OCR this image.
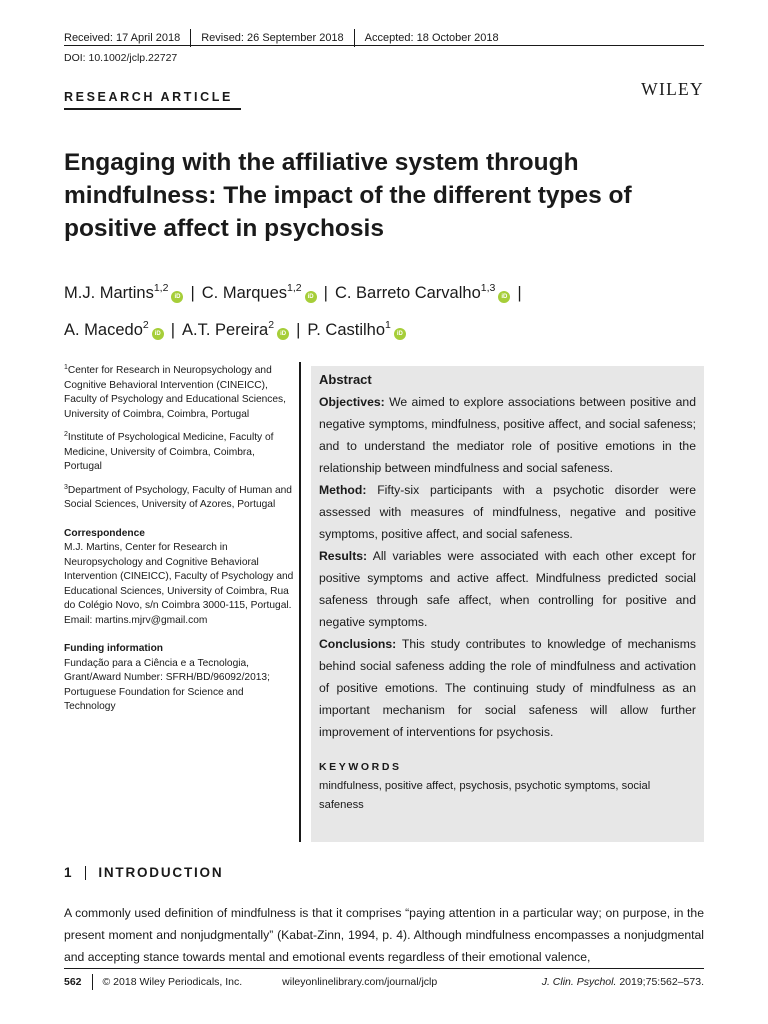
Received: 17 April 2018 Revised: 26 September 2018 Accepted: 18 October 2018
DOI: 10.1002/jclp.22727
RESEARCH ARTICLE	WILEY
Engaging with the affiliative system through mindfulness: The impact of the different types of positive affect in psychosis
M.J. Martins$^{1,2}$iD | C. Marques$^{1,2}$iD | C. Barreto Carvalho$^{1,3}$iD |
A. Macedo$^2$iD | A.T. Pereira$^2$iD | P. Castilho$^1$iD
$^1$Center for Research in Neuropsychology and Cognitive Behavioral Intervention (CINEICC), Faculty of Psychology and Educational Sciences, University of Coimbra, Coimbra, Portugal
$^2$Institute of Psychological Medicine, Faculty of Medicine, University of Coimbra, Coimbra, Portugal
$^3$Department of Psychology, Faculty of Human and Social Sciences, University of Azores, Portugal
Correspondence
M.J. Martins, Center for Research in Neuropsychology and Cognitive Behavioral Intervention (CINEICC), Faculty of Psychology and Educational Sciences, University of Coimbra, Rua do Colégio Novo, s/n Coimbra 3000-115, Portugal.
Email: martins.mjrv@gmail.com
Funding information
Fundação para a Ciência e a Tecnologia, Grant/Award Number: SFRH/BD/96092/2013; Portuguese Foundation for Science and Technology
Abstract

Objectives: We aimed to explore associations between positive and negative symptoms, mindfulness, positive affect, and social safeness; and to understand the mediator role of positive emotions in the relationship between mindfulness and social safeness.

Method: Fifty-six participants with a psychotic disorder were assessed with measures of mindfulness, negative and positive symptoms, positive affect, and social safeness.

Results: All variables were associated with each other except for positive symptoms and active affect. Mindfulness predicted social safeness through safe affect, when controlling for positive and negative symptoms.

Conclusions: This study contributes to knowledge of mechanisms behind social safeness adding the role of mindfulness and activation of positive emotions. The continuing study of mindfulness as an important mechanism for social safeness will allow further improvement of interventions for psychosis.

KEYWORDS
mindfulness, positive affect, psychosis, psychotic symptoms, social safeness
1 INTRODUCTION

A commonly used definition of mindfulness is that it comprises “paying attention in a particular way; on purpose, in the present moment and nonjudgmentally” (Kabat-Zinn, 1994, p. 4). Although mindfulness encompasses a nonjudgmental and accepting stance towards mental and emotional events regardless of their emotional valence,

562 © 2018 Wiley Periodicals, Inc.	wileyonlinelibrary.com/journal/jclp	J. Clin. Psychol. 2019;75:562–573.
